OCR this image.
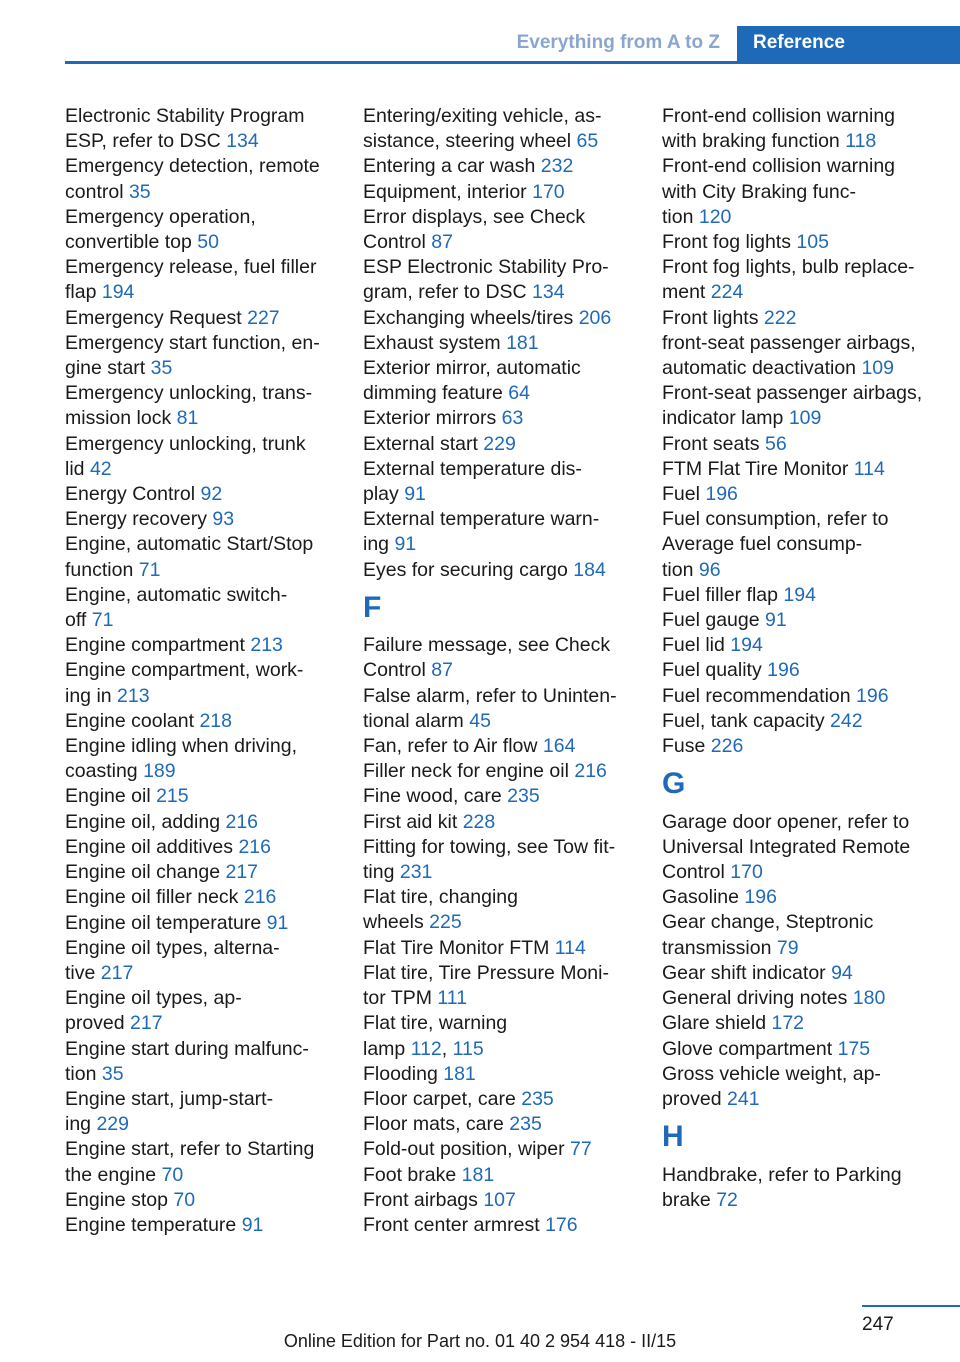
Everything from A to Z	Reference
Electronic Stability Program
ESP, refer to DSC 134
Emergency detection, remote
control 35
Emergency operation,
convertible top 50
Emergency release, fuel filler
flap 194
Emergency Request 227
Emergency start function, en-
gine start 35
Emergency unlocking, trans-
mission lock 81
Emergency unlocking, trunk
lid 42
Energy Control 92
Energy recovery 93
Engine, automatic Start/Stop
function 71
Engine, automatic switch-
off 71
Engine compartment 213
Engine compartment, work-
ing in 213
Engine coolant 218
Engine idling when driving,
coasting 189
Engine oil 215
Engine oil, adding 216
Engine oil additives 216
Engine oil change 217
Engine oil filler neck 216
Engine oil temperature 91
Engine oil types, alterna-
tive 217
Engine oil types, ap-
proved 217
Engine start during malfunc-
tion 35
Engine start, jump-start-
ing 229
Engine start, refer to Starting
the engine 70
Engine stop 70
Engine temperature 91
Entering/exiting vehicle, as-
sistance, steering wheel 65
Entering a car wash 232
Equipment, interior 170
Error displays, see Check
Control 87
ESP Electronic Stability Pro-
gram, refer to DSC 134
Exchanging wheels/tires 206
Exhaust system 181
Exterior mirror, automatic
dimming feature 64
Exterior mirrors 63
External start 229
External temperature dis-
play 91
External temperature warn-
ing 91
Eyes for securing cargo 184
F
Failure message, see Check
Control 87
False alarm, refer to Uninten-
tional alarm 45
Fan, refer to Air flow 164
Filler neck for engine oil 216
Fine wood, care 235
First aid kit 228
Fitting for towing, see Tow fit-
ting 231
Flat tire, changing
wheels 225
Flat Tire Monitor FTM 114
Flat tire, Tire Pressure Moni-
tor TPM 111
Flat tire, warning
lamp 112, 115
Flooding 181
Floor carpet, care 235
Floor mats, care 235
Fold-out position, wiper 77
Foot brake 181
Front airbags 107
Front center armrest 176
Front-end collision warning
with braking function 118
Front-end collision warning
with City Braking func-
tion 120
Front fog lights 105
Front fog lights, bulb replace-
ment 224
Front lights 222
front-seat passenger airbags,
automatic deactivation 109
Front-seat passenger airbags,
indicator lamp 109
Front seats 56
FTM Flat Tire Monitor 114
Fuel 196
Fuel consumption, refer to
Average fuel consump-
tion 96
Fuel filler flap 194
Fuel gauge 91
Fuel lid 194
Fuel quality 196
Fuel recommendation 196
Fuel, tank capacity 242
Fuse 226
G
Garage door opener, refer to
Universal Integrated Remote
Control 170
Gasoline 196
Gear change, Steptronic
transmission 79
Gear shift indicator 94
General driving notes 180
Glare shield 172
Glove compartment 175
Gross vehicle weight, ap-
proved 241
H
Handbrake, refer to Parking
brake 72
247
Online Edition for Part no. 01 40 2 954 418 - II/15
